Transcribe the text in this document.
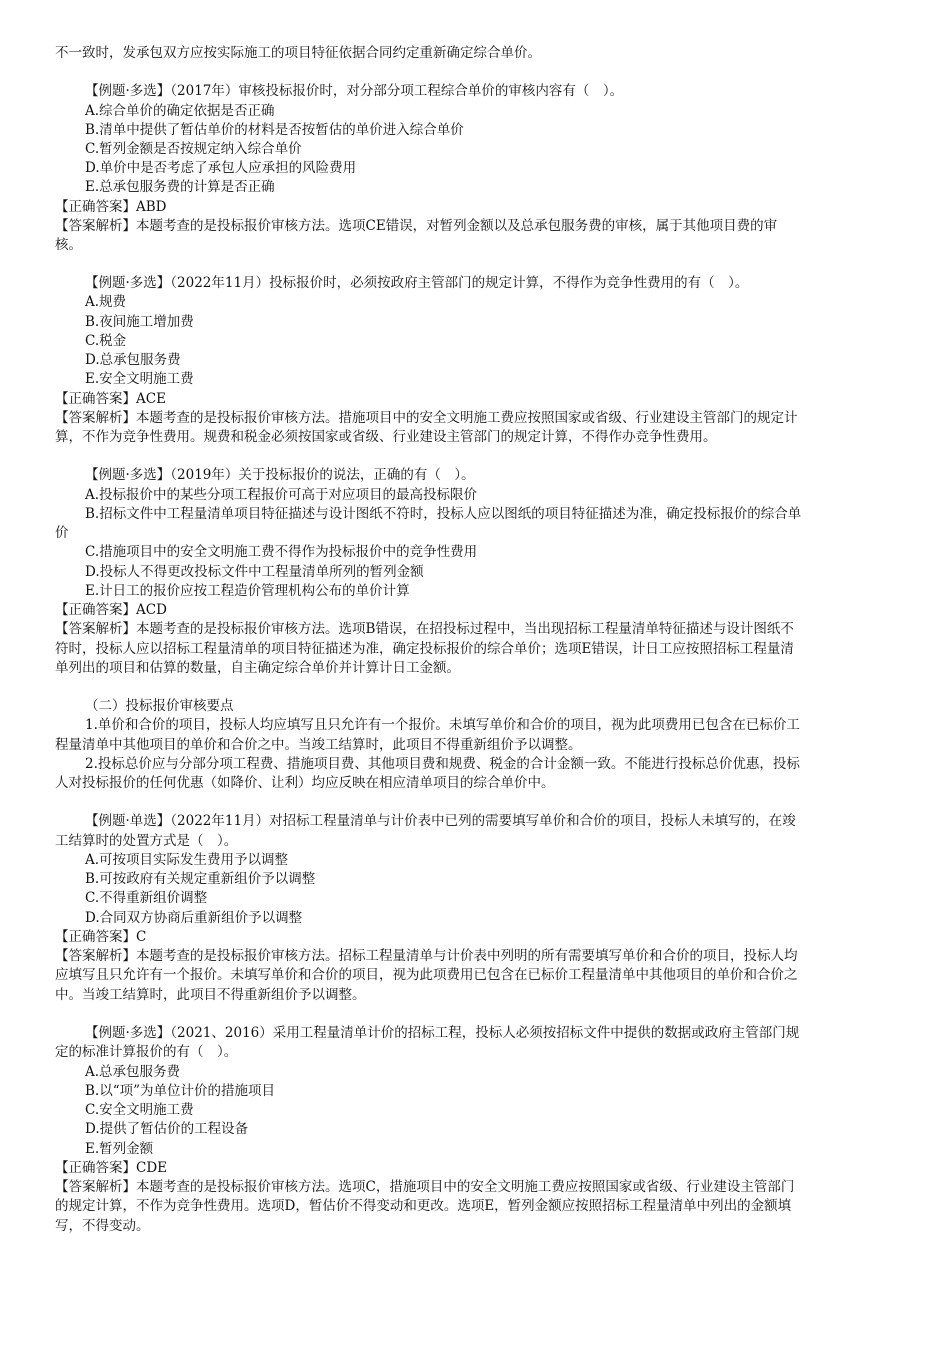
不一致时，发承包双方应按实际施工的项目特征依据合同约定重新确定综合单价。
【例题·多选】（2017年）审核投标报价时，对分部分项工程综合单价的审核内容有（　）。
A.综合单价的确定依据是否正确
B.清单中提供了暂估单价的材料是否按暂估的单价进入综合单价
C.暂列金额是否按规定纳入综合单价
D.单价中是否考虑了承包人应承担的风险费用
E.总承包服务费的计算是否正确
【正确答案】ABD
【答案解析】本题考查的是投标报价审核方法。选项CE错误，对暂列金额以及总承包服务费的审核，属于其他项目费的审
核。
【例题·多选】（2022年11月）投标报价时，必须按政府主管部门的规定计算，不得作为竞争性费用的有（　）。
A.规费
B.夜间施工增加费
C.税金
D.总承包服务费
E.安全文明施工费
【正确答案】ACE
【答案解析】本题考查的是投标报价审核方法。措施项目中的安全文明施工费应按照国家或省级、行业建设主管部门的规定计
算，不作为竞争性费用。规费和税金必须按国家或省级、行业建设主管部门的规定计算，不得作办竞争性费用。
【例题·多选】（2019年）关于投标报价的说法，正确的有（　）。
A.投标报价中的某些分项工程报价可高于对应项目的最高投标限价
B.招标文件中工程量清单项目特征描述与设计图纸不符时，投标人应以图纸的项目特征描述为准，确定投标报价的综合单
价
C.措施项目中的安全文明施工费不得作为投标报价中的竞争性费用
D.投标人不得更改投标文件中工程量清单所列的暂列金额
E.计日工的报价应按工程造价管理机构公布的单价计算
【正确答案】ACD
【答案解析】本题考查的是投标报价审核方法。选项B错误，在招投标过程中，当出现招标工程量清单特征描述与设计图纸不
符时，投标人应以招标工程量清单的项目特征描述为准，确定投标报价的综合单价；选项E错误，计日工应按照招标工程量清
单列出的项目和估算的数量，自主确定综合单价并计算计日工金额。
（二）投标报价审核要点
1.单价和合价的项目，投标人均应填写且只允许有一个报价。未填写单价和合价的项目，视为此项费用已包含在已标价工
程量清单中其他项目的单价和合价之中。当竣工结算时，此项目不得重新组价予以调整。
2.投标总价应与分部分项工程费、措施项目费、其他项目费和规费、税金的合计金额一致。不能进行投标总价优惠，投标
人对投标报价的任何优惠（如降价、让利）均应反映在相应清单项目的综合单价中。
【例题·单选】（2022年11月）对招标工程量清单与计价表中已列的需要填写单价和合价的项目，投标人未填写的，在竣
工结算时的处置方式是（　）。
A.可按项目实际发生费用予以调整
B.可按政府有关规定重新组价予以调整
C.不得重新组价调整
D.合同双方协商后重新组价予以调整
【正确答案】C
【答案解析】本题考查的是投标报价审核方法。招标工程量清单与计价表中列明的所有需要填写单价和合价的项目，投标人均
应填写且只允许有一个报价。未填写单价和合价的项目，视为此项费用已包含在已标价工程量清单中其他项目的单价和合价之
中。当竣工结算时，此项目不得重新组价予以调整。
【例题·多选】（2021、2016）采用工程量清单计价的招标工程，投标人必须按招标文件中提供的数据或政府主管部门规
定的标准计算报价的有（　）。
A.总承包服务费
B.以“项”为单位计价的措施项目
C.安全文明施工费
D.提供了暂估价的工程设备
E.暂列金额
【正确答案】CDE
【答案解析】本题考查的是投标报价审核方法。选项C，措施项目中的安全文明施工费应按照国家或省级、行业建设主管部门
的规定计算，不作为竞争性费用。选项D，暂估价不得变动和更改。选项E，暂列金额应按照招标工程量清单中列出的金额填
写，不得变动。
